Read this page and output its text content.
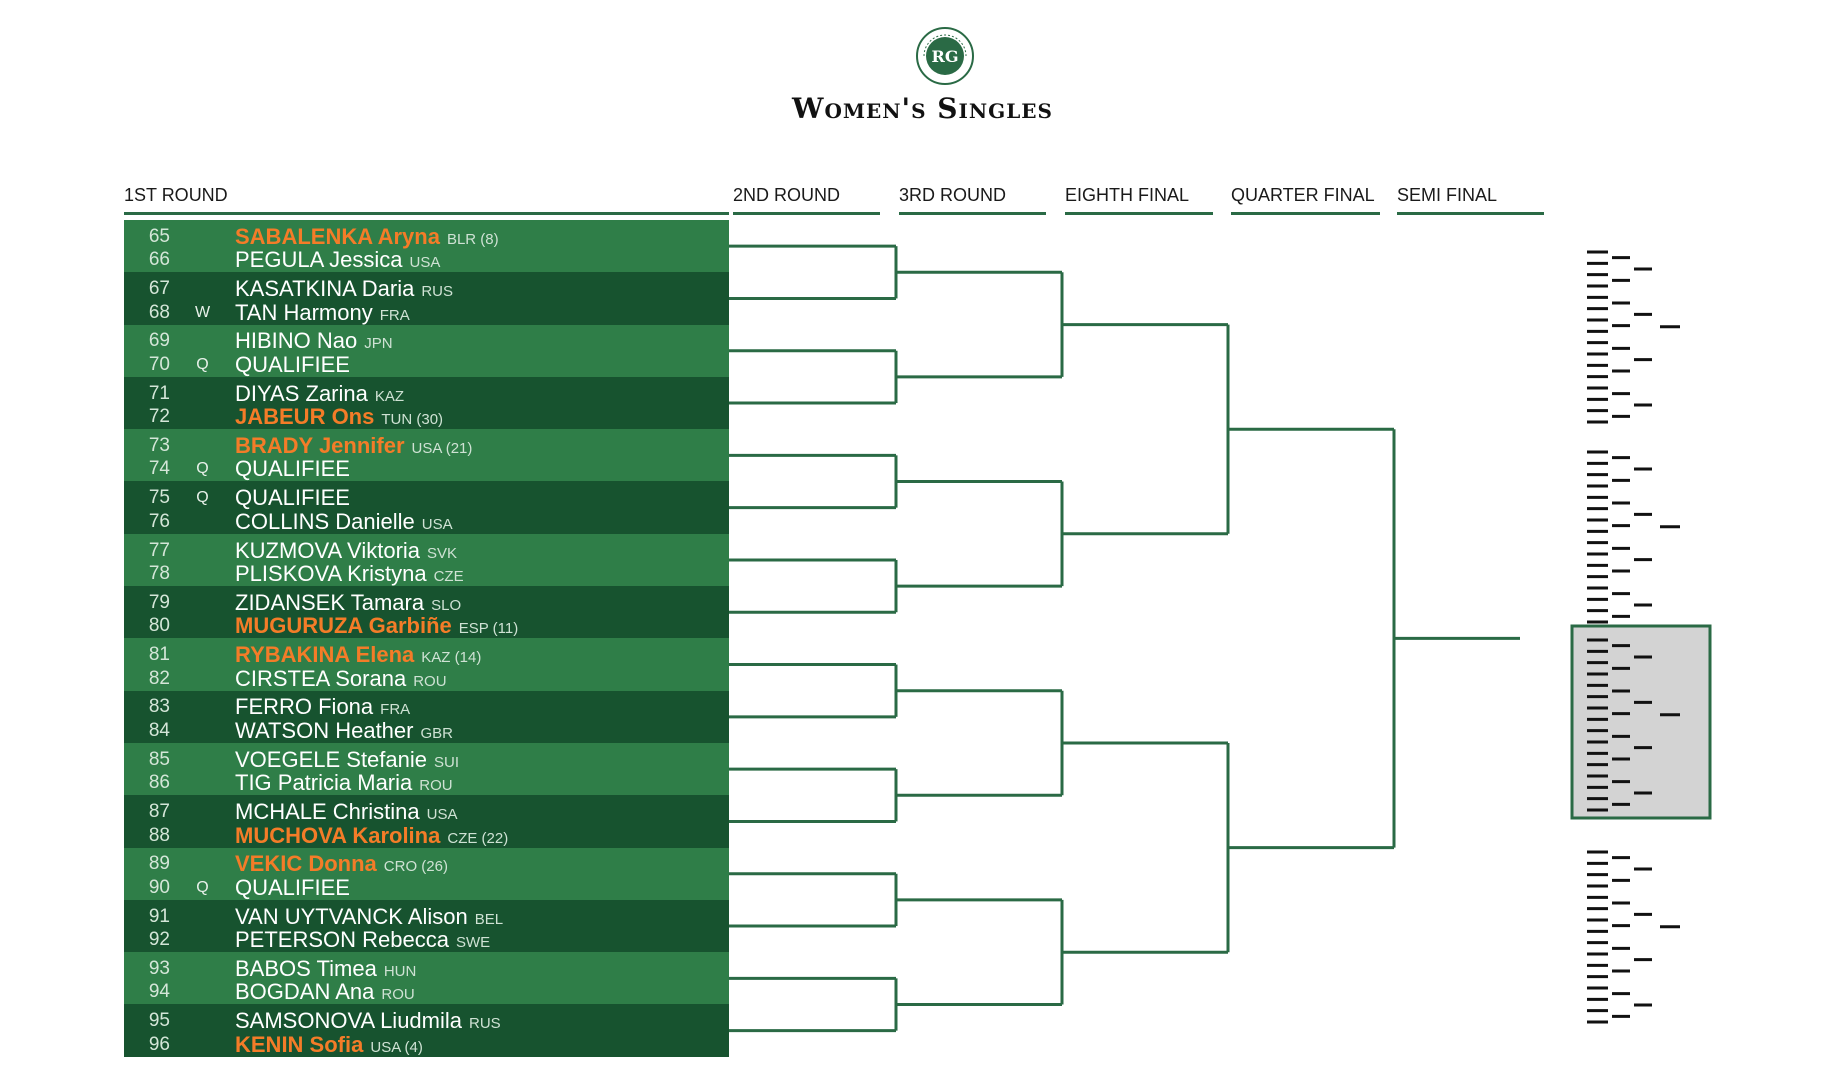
RG
Women's Singles
1ST ROUND	2ND ROUND	3RD ROUND	EIGHTH FINAL	QUARTER FINAL SEMI FINAL
65	SABALENKA Aryna BLR (8)
66	PEGULA Jessica USA
67	KASATKINA Daria RUS
68	W	TAN Harmony FRA
69	HIBINO Nao JPN
70	Q	QUALIFIEE
71	DIYAS Zarina KAZ
72	JABEUR Ons TUN (30)
73	BRADY Jennifer USA (21)
74	Q	QUALIFIEE
75	Q	QUALIFIEE
76	COLLINS Danielle USA
77	KUZMOVA Viktoria SVK
78	PLISKOVA Kristyna CZE
79	ZIDANSEK Tamara SLO
80	MUGURUZA Garbiñe ESP (11)
81	RYBAKINA Elena KAZ (14)
82	CIRSTEA Sorana ROU
83	FERRO Fiona FRA
84	WATSON Heather GBR
85	VOEGELE Stefanie SUI
86	TIG Patricia Maria ROU
87	MCHALE Christina USA
88	MUCHOVA Karolina CZE (22)
89	VEKIC Donna CRO (26)
90	Q	QUALIFIEE
91	VAN UYTVANCK Alison BEL
92	PETERSON Rebecca SWE
93	BABOS Timea HUN
94	BOGDAN Ana ROU
95	SAMSONOVA Liudmila RUS
96	KENIN Sofia USA (4)
